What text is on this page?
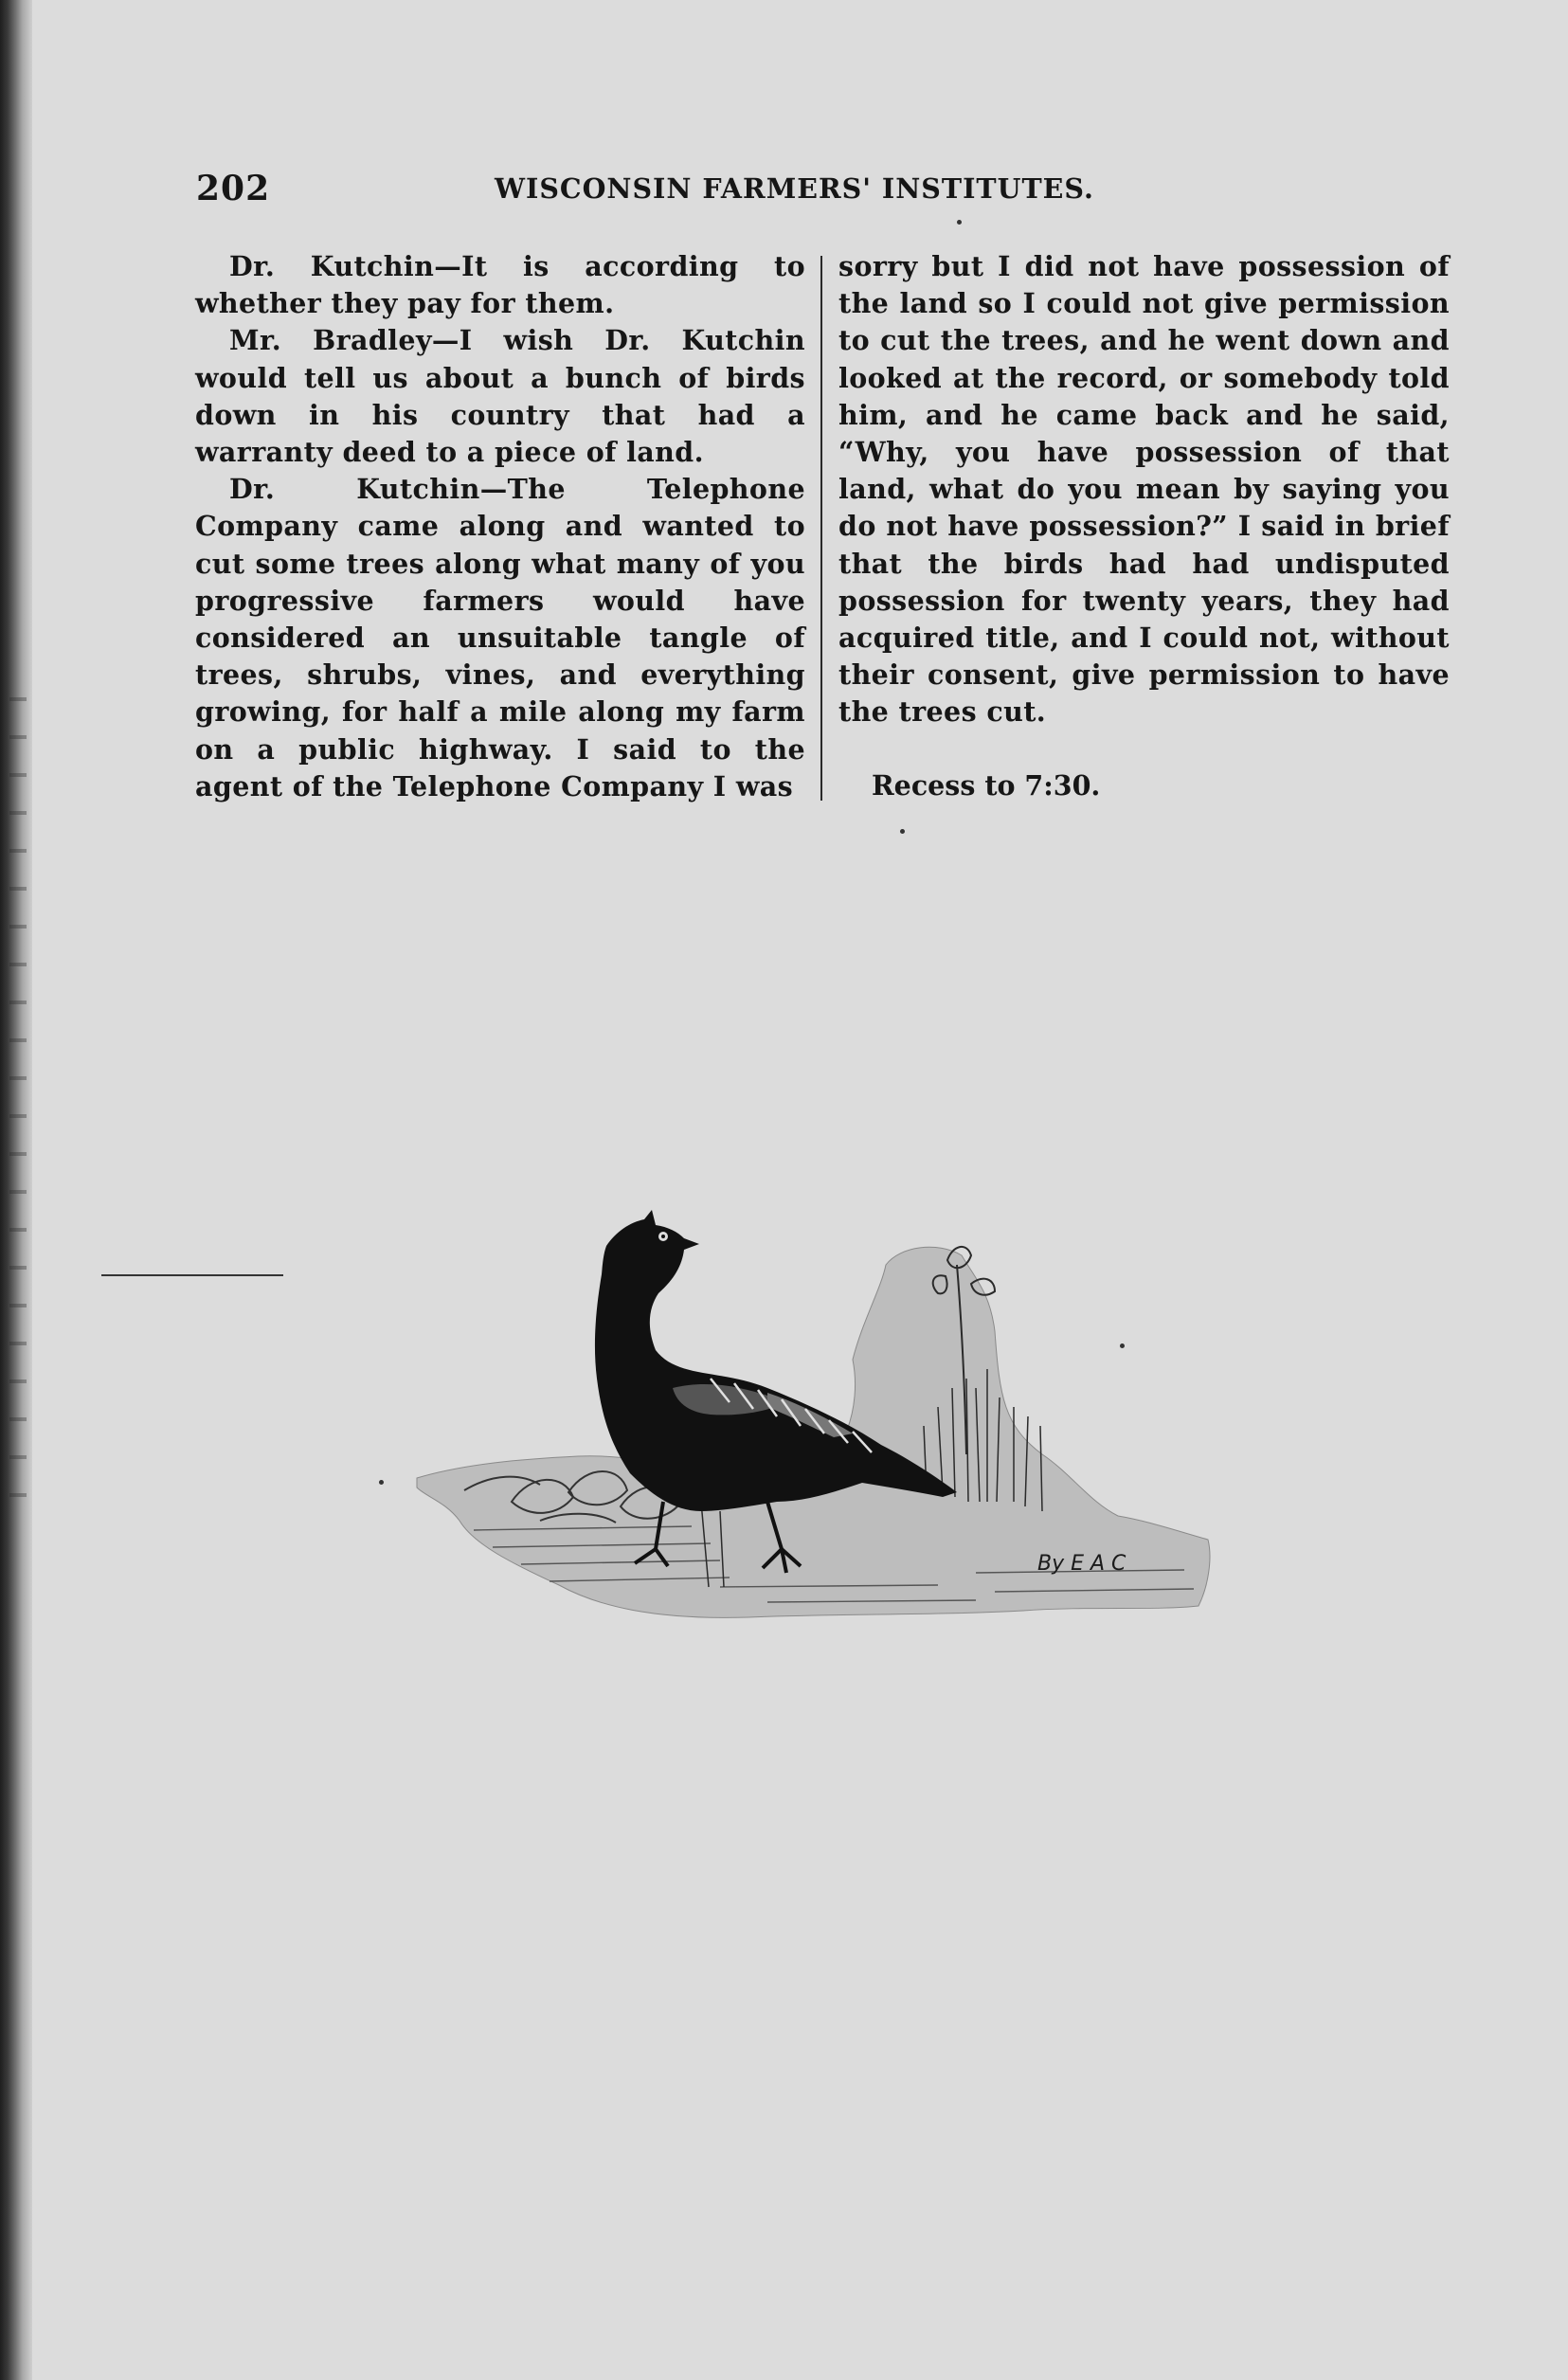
202	WISCONSIN FARMERS' INSTITUTES.

Dr. Kutchin—It is according to whether they pay for them.

Mr. Bradley—I wish Dr. Kutchin would tell us about a bunch of birds down in his country that had a warranty deed to a piece of land.

Dr. Kutchin—The Telephone Company came along and wanted to cut some trees along what many of you progressive farmers would have considered an unsuitable tangle of trees, shrubs, vines, and everything growing, for half a mile along my farm on a public highway. I said to the agent of the Telephone Company I was

sorry but I did not have possession of the land so I could not give permission to cut the trees, and he went down and looked at the record, or somebody told him, and he came back and he said, “Why, you have possession of that land, what do you mean by saying you do not have possession?” I said in brief that the birds had had undisputed possession for twenty years, they had acquired title, and I could not, without their consent, give permission to have the trees cut.

Recess to 7:30.
By E A C
